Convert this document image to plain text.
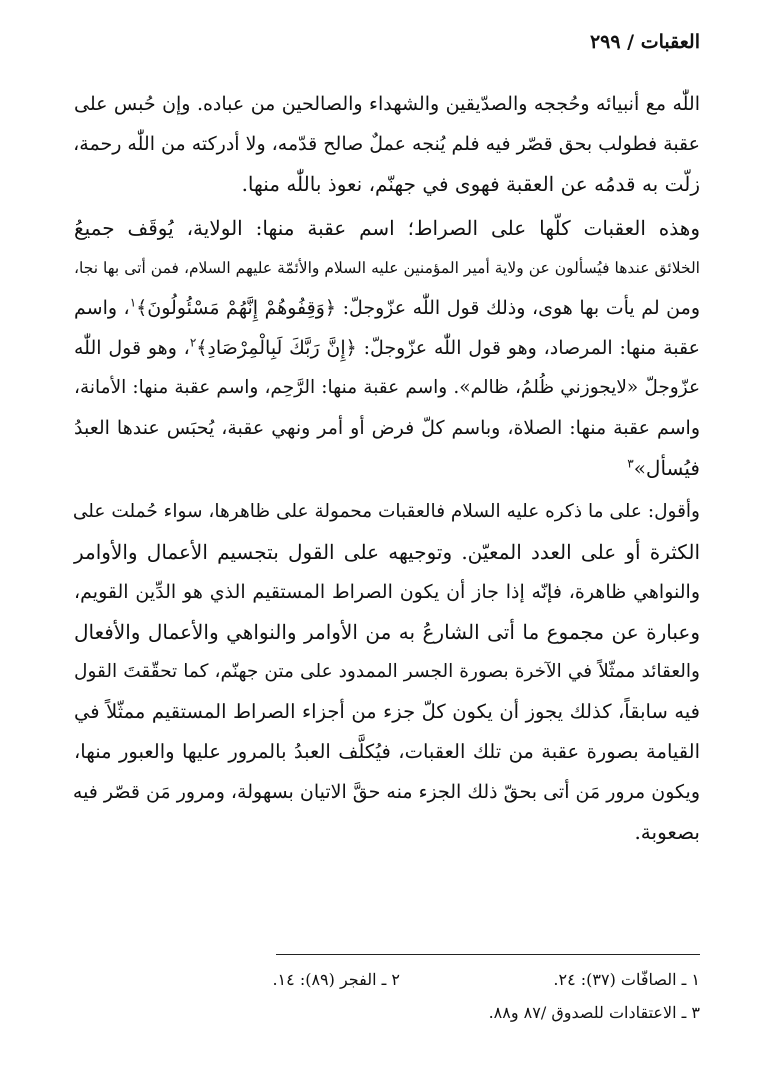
العقبات / ٢٩٩
اللّٰه مع أنبيائه وحُججه والصدّيقين والشهداء والصالحين من عباده. وإن حُبس على
عقبة فطولب بحق قصّر فيه فلم يُنجه عملٌ صالح قدّمه، ولا أدركته من اللّٰه رحمة،
زلّت به قدمُه عن العقبة فهوى في جهنّم، نعوذ باللّٰه منها.
وهذه العقبات كلّها على الصراط؛ اسم عقبة منها: الولاية، يُوقَف جميعُ
الخلائق عندها فيُسألون عن ولاية أمير المؤمنين عليه السلام والأئمّة عليهم السلام، فمن أتى بها نجا،
ومن لم يأت بها هوى، وذلك قول اللّٰه عزّوجلّ: ﴿وَقِفُوهُمْ إِنَّهُمْ مَسْئُولُونَ﴾$^١$، واسم
عقبة منها: المرصاد، وهو قول اللّٰه عزّوجلّ: ﴿إِنَّ رَبَّكَ لَبِالْمِرْصَادِ﴾$^٢$، وهو قول اللّٰه
عزّوجلّ «لايجوزني ظُلمُ، ظالم». واسم عقبة منها: الرَّحِم، واسم عقبة منها: الأمانة،
واسم عقبة منها: الصلاة، وباسم كلّ فرض أو أمر ونهي عقبة، يُحبَس عندها العبدُ
فيُسأل»$^٣$
وأقول: على ما ذكره عليه السلام فالعقبات محمولة على ظاهرها، سواء حُملت على
الكثرة أو على العدد المعيّن. وتوجيهه على القول بتجسيم الأعمال والأوامر
والنواهي ظاهرة، فإنّه إذا جاز أن يكون الصراط المستقيم الذي هو الدِّين القويم،
وعبارة عن مجموع ما أتى الشارعُ به من الأوامر والنواهي والأعمال والأفعال
والعقائد ممثّلاً في الآخرة بصورة الجسر الممدود على متن جهنّم، كما تحقّقتَ القول
فيه سابقاً، كذلك يجوز أن يكون كلّ جزء من أجزاء الصراط المستقيم ممثّلاً في
القيامة بصورة عقبة من تلك العقبات، فيُكلَّف العبدُ بالمرور عليها والعبور منها،
ويكون مرور مَن أتى بحقّ ذلك الجزء منه حقَّ الاتيان بسهولة، ومرور مَن قصّر فيه
بصعوبة.
١ ـ الصافّات (٣٧): ٢٤.٢ ـ الفجر (٨٩): ١٤.
٣ ـ الاعتقادات للصدوق /٨٧ و٨٨.
